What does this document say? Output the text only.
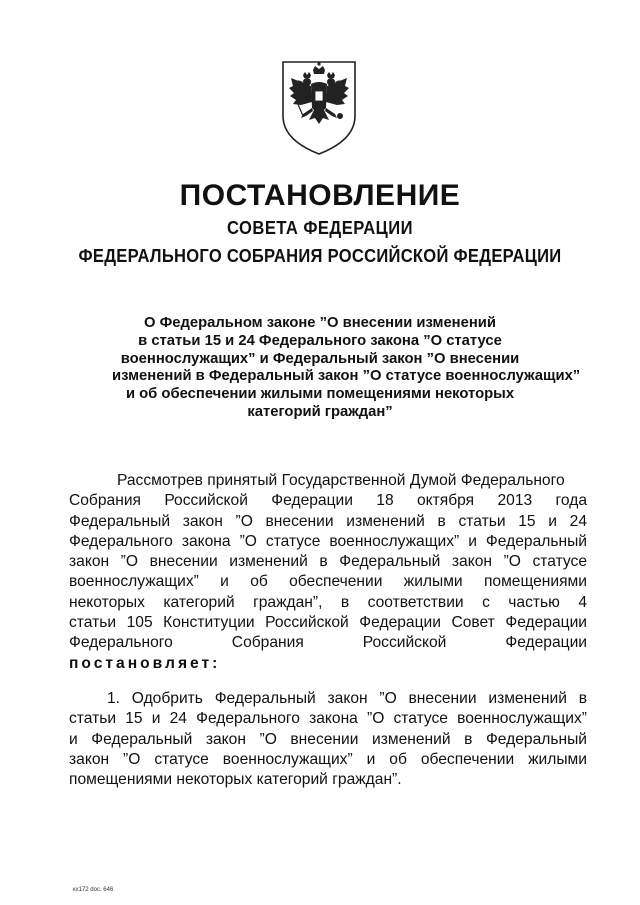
ПОСТАНОВЛЕНИЕ
СОВЕТА ФЕДЕРАЦИИ
ФЕДЕРАЛЬНОГО СОБРАНИЯ РОССИЙСКОЙ ФЕДЕРАЦИИ
О Федеральном законе ”О внесении изменений
в статьи 15 и 24 Федерального закона ”О статусе
военнослужащих” и Федеральный закон ”О внесении
изменений в Федеральный закон ”О статусе военнослужащих”
и об обеспечении жилыми помещениями некоторых
категорий граждан”
Рассмотрев принятый Государственной Думой Федерального
Собрания Российской Федерации 18 октября 2013 года
Федеральный закон ”О внесении изменений в статьи 15 и 24
Федерального закона ”О статусе военнослужащих” и Федеральный
закон ”О внесении изменений в Федеральный закон ”О статусе
военнослужащих” и об обеспечении жилыми помещениями
некоторых категорий граждан”, в соответствии с частью 4
статьи 105 Конституции Российской Федерации Совет Федерации
Федерального Собрания Российской Федерации
постановляет:
1. Одобрить Федеральный закон ”О внесении изменений в
статьи 15 и 24 Федерального закона ”О статусе военнослужащих”
и Федеральный закон ”О внесении изменений в Федеральный
закон ”О статусе военнослужащих” и об обеспечении жилыми
помещениями некоторых категорий граждан”.
кх172 doc. 646
